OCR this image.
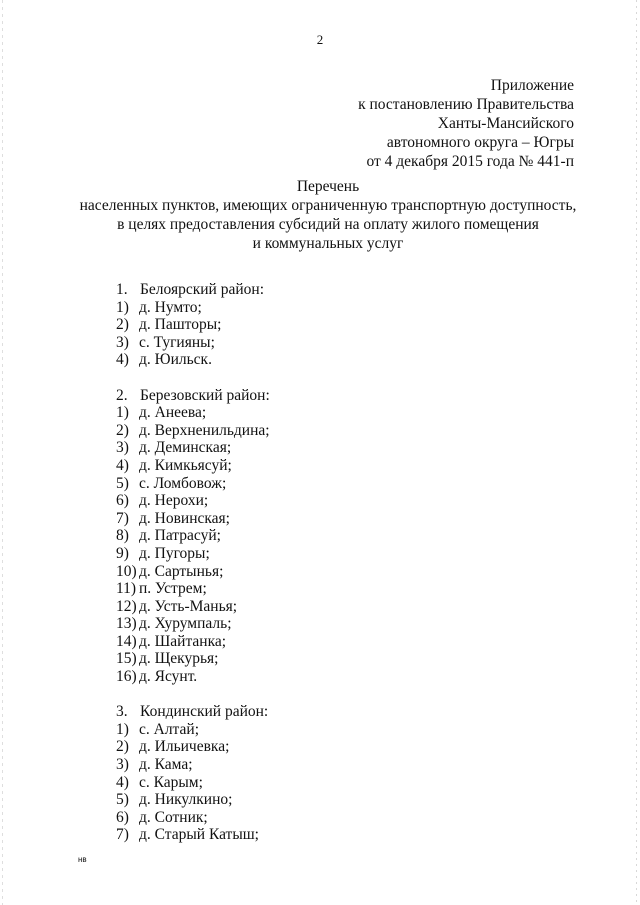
2
Приложение
к постановлению Правительства
Ханты-Мансийского
автономного округа – Югры
от 4 декабря 2015 года № 441-п
Перечень
населенных пунктов, имеющих ограниченную транспортную доступность,
в целях предоставления субсидий на оплату жилого помещения
и коммунальных услуг
1. Белоярский район:
1) д. Нумто;
2) д. Пашторы;
3) с. Тугияны;
4) д. Юильск.
2. Березовский район:
1) д. Анеева;
2) д. Верхненильдина;
3) д. Деминская;
4) д. Кимкьясуй;
5) с. Ломбовож;
6) д. Нерохи;
7) д. Новинская;
8) д. Патрасуй;
9) д. Пугоры;
10) д. Сартынья;
11) п. Устрем;
12) д. Усть-Манья;
13) д. Хурумпаль;
14) д. Шайтанка;
15) д. Щекурья;
16) д. Ясунт.
3. Кондинский район:
1) с. Алтай;
2) д. Ильичевка;
3) д. Кама;
4) с. Карым;
5) д. Никулкино;
6) д. Сотник;
7) д. Старый Катыш;
нв
